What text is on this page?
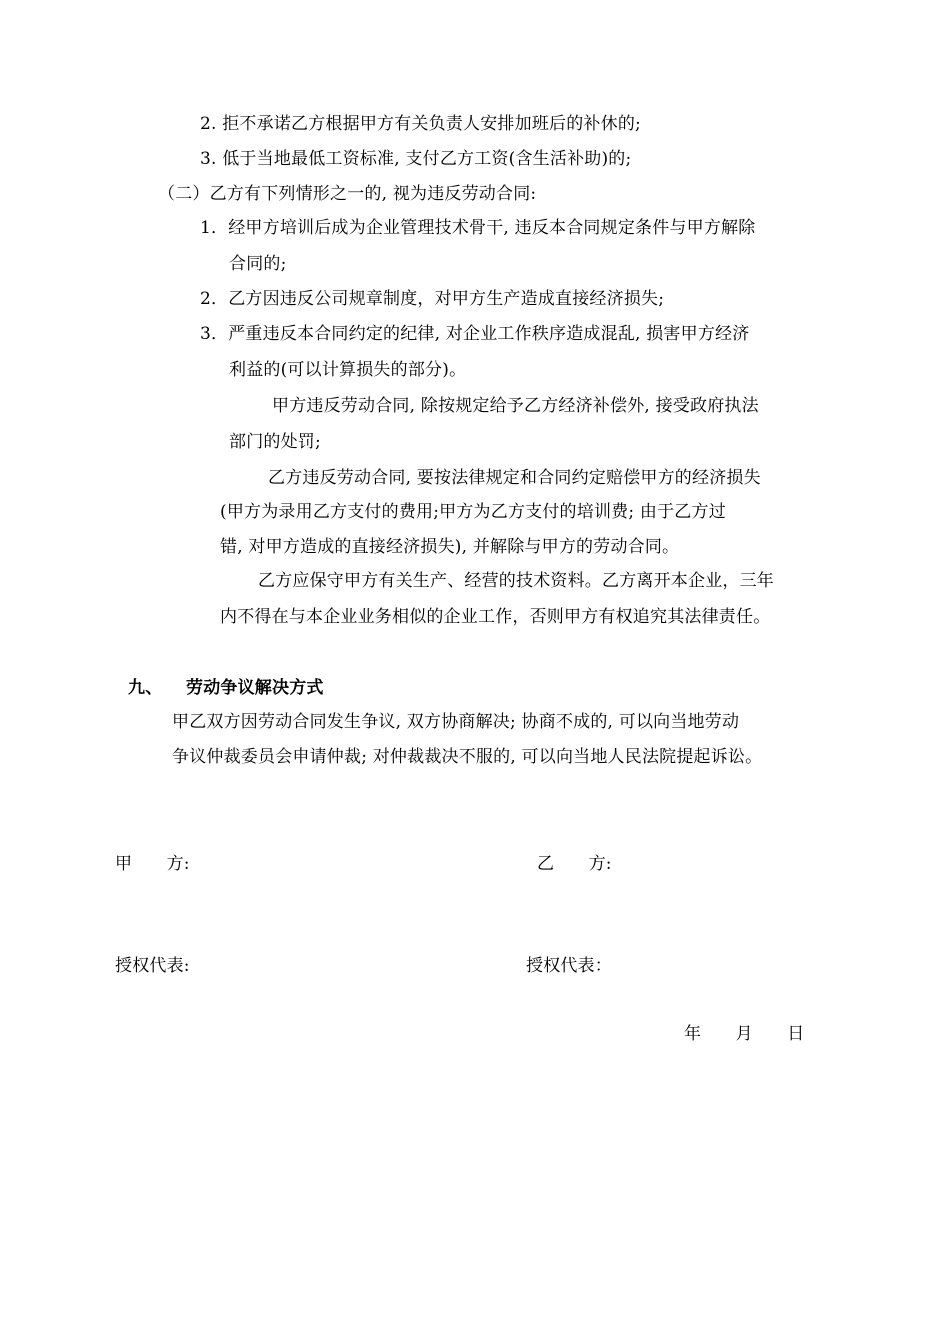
2. 拒不承诺乙方根据甲方有关负责人安排加班后的补休的;
3. 低于当地最低工资标准, 支付乙方工资(含生活补助)的;
（二）乙方有下列情形之一的, 视为违反劳动合同:
1．经甲方培训后成为企业管理技术骨干, 违反本合同规定条件与甲方解除
合同的;
2．乙方因违反公司规章制度，对甲方生产造成直接经济损失;
3．严重违反本合同约定的纪律, 对企业工作秩序造成混乱, 损害甲方经济
利益的(可以计算损失的部分)。
甲方违反劳动合同, 除按规定给予乙方经济补偿外, 接受政府执法
部门的处罚;
乙方违反劳动合同, 要按法律规定和合同约定赔偿甲方的经济损失
(甲方为录用乙方支付的费用;甲方为乙方支付的培训费; 由于乙方过
错, 对甲方造成的直接经济损失), 并解除与甲方的劳动合同。
乙方应保守甲方有关生产、经营的技术资料。乙方离开本企业，三年
内不得在与本企业业务相似的企业工作，否则甲方有权追究其法律责任。
九、 劳动争议解决方式
甲乙双方因劳动合同发生争议, 双方协商解决; 协商不成的, 可以向当地劳动
争议仲裁委员会申请仲裁; 对仲裁裁决不服的, 可以向当地人民法院提起诉讼。
甲　　方:	乙　　方:
授权代表:	授权代表：
年　　月　　日
